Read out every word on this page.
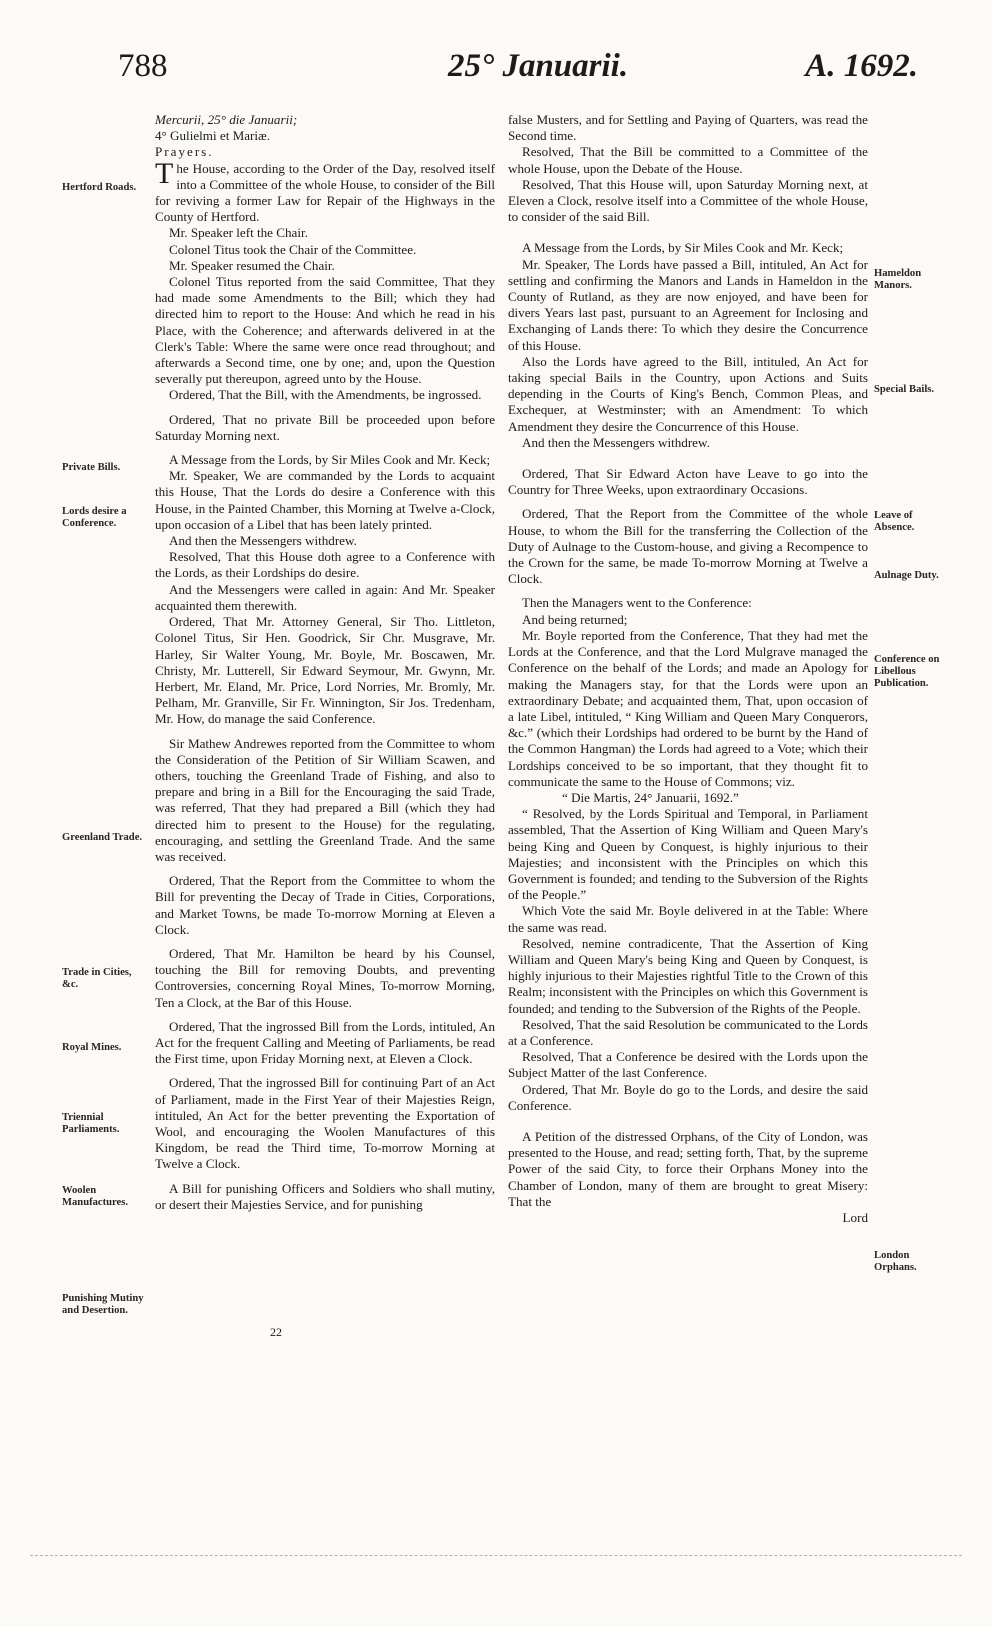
788	25° Januarii.	A. 1692.
Hertford Roads.
Private Bills.
Lords desire a Conference.
Greenland Trade.
Trade in Cities, &c.
Royal Mines.
Triennial Parliaments.
Woolen Manufactures.
Punishing Mutiny and Desertion.
Hameldon Manors.
Special Bails.
Leave of Absence.
Aulnage Duty.
Conference on Libellous Publication.
London Orphans.

Mercurii, 25° die Januarii;

4° Gulielmi et Mariæ.

Prayers.

The House, according to the Order of the Day, resolved itself into a Committee of the whole House, to consider of the Bill for reviving a former Law for Repair of the Highways in the County of Hertford.

Mr. Speaker left the Chair.

Colonel Titus took the Chair of the Committee.

Mr. Speaker resumed the Chair.

Colonel Titus reported from the said Committee, That they had made some Amendments to the Bill; which they had directed him to report to the House: And which he read in his Place, with the Coherence; and afterwards delivered in at the Clerk's Table: Where the same were once read throughout; and afterwards a Second time, one by one; and, upon the Question severally put thereupon, agreed unto by the House.

Ordered, That the Bill, with the Amendments, be ingrossed.

Ordered, That no private Bill be proceeded upon before Saturday Morning next.

A Message from the Lords, by Sir Miles Cook and Mr. Keck;

Mr. Speaker, We are commanded by the Lords to acquaint this House, That the Lords do desire a Conference with this House, in the Painted Chamber, this Morning at Twelve a-Clock, upon occasion of a Libel that has been lately printed.

And then the Messengers withdrew.

Resolved, That this House doth agree to a Conference with the Lords, as their Lordships do desire.

And the Messengers were called in again: And Mr. Speaker acquainted them therewith.

Ordered, That Mr. Attorney General, Sir Tho. Littleton, Colonel Titus, Sir Hen. Goodrick, Sir Chr. Musgrave, Mr. Harley, Sir Walter Young, Mr. Boyle, Mr. Boscawen, Mr. Christy, Mr. Lutterell, Sir Edward Seymour, Mr. Gwynn, Mr. Herbert, Mr. Eland, Mr. Price, Lord Norries, Mr. Bromly, Mr. Pelham, Mr. Granville, Sir Fr. Winnington, Sir Jos. Tredenham, Mr. How, do manage the said Conference.

Sir Mathew Andrewes reported from the Committee to whom the Consideration of the Petition of Sir William Scawen, and others, touching the Greenland Trade of Fishing, and also to prepare and bring in a Bill for the Encouraging the said Trade, was referred, That they had prepared a Bill (which they had directed him to present to the House) for the regulating, encouraging, and settling the Greenland Trade. And the same was received.

Ordered, That the Report from the Committee to whom the Bill for preventing the Decay of Trade in Cities, Corporations, and Market Towns, be made To-morrow Morning at Eleven a Clock.

Ordered, That Mr. Hamilton be heard by his Counsel, touching the Bill for removing Doubts, and preventing Controversies, concerning Royal Mines, To-morrow Morning, Ten a Clock, at the Bar of this House.

Ordered, That the ingrossed Bill from the Lords, intituled, An Act for the frequent Calling and Meeting of Parliaments, be read the First time, upon Friday Morning next, at Eleven a Clock.

Ordered, That the ingrossed Bill for continuing Part of an Act of Parliament, made in the First Year of their Majesties Reign, intituled, An Act for the better preventing the Exportation of Wool, and encouraging the Woolen Manufactures of this Kingdom, be read the Third time, To-morrow Morning at Twelve a Clock.

A Bill for punishing Officers and Soldiers who shall mutiny, or desert their Majesties Service, and for punishing

22

false Musters, and for Settling and Paying of Quarters, was read the Second time.

Resolved, That the Bill be committed to a Committee of the whole House, upon the Debate of the House.

Resolved, That this House will, upon Saturday Morning next, at Eleven a Clock, resolve itself into a Committee of the whole House, to consider of the said Bill.

A Message from the Lords, by Sir Miles Cook and Mr. Keck;

Mr. Speaker, The Lords have passed a Bill, intituled, An Act for settling and confirming the Manors and Lands in Hameldon in the County of Rutland, as they are now enjoyed, and have been for divers Years last past, pursuant to an Agreement for Inclosing and Exchanging of Lands there: To which they desire the Concurrence of this House.

Also the Lords have agreed to the Bill, intituled, An Act for taking special Bails in the Country, upon Actions and Suits depending in the Courts of King's Bench, Common Pleas, and Exchequer, at Westminster; with an Amendment: To which Amendment they desire the Concurrence of this House.

And then the Messengers withdrew.

Ordered, That Sir Edward Acton have Leave to go into the Country for Three Weeks, upon extraordinary Occasions.

Ordered, That the Report from the Committee of the whole House, to whom the Bill for the transferring the Collection of the Duty of Aulnage to the Custom-house, and giving a Recompence to the Crown for the same, be made To-morrow Morning at Twelve a Clock.

Then the Managers went to the Conference:

And being returned;

Mr. Boyle reported from the Conference, That they had met the Lords at the Conference, and that the Lord Mulgrave managed the Conference on the behalf of the Lords; and made an Apology for making the Managers stay, for that the Lords were upon an extraordinary Debate; and acquainted them, That, upon occasion of a late Libel, intituled, “ King William and Queen Mary Conquerors, &c.” (which their Lordships had ordered to be burnt by the Hand of the Common Hangman) the Lords had agreed to a Vote; which their Lordships conceived to be so important, that they thought fit to communicate the same to the House of Commons; viz.

“ Die Martis, 24° Januarii, 1692.”

“ Resolved, by the Lords Spiritual and Temporal, in Parliament assembled, That the Assertion of King William and Queen Mary's being King and Queen by Conquest, is highly injurious to their Majesties; and inconsistent with the Principles on which this Government is founded; and tending to the Subversion of the Rights of the People.”

Which Vote the said Mr. Boyle delivered in at the Table: Where the same was read.

Resolved, nemine contradicente, That the Assertion of King William and Queen Mary's being King and Queen by Conquest, is highly injurious to their Majesties rightful Title to the Crown of this Realm; inconsistent with the Principles on which this Government is founded; and tending to the Subversion of the Rights of the People.

Resolved, That the said Resolution be communicated to the Lords at a Conference.

Resolved, That a Conference be desired with the Lords upon the Subject Matter of the last Conference.

Ordered, That Mr. Boyle do go to the Lords, and desire the said Conference.

A Petition of the distressed Orphans, of the City of London, was presented to the House, and read; setting forth, That, by the supreme Power of the said City, to force their Orphans Money into the Chamber of London, many of them are brought to great Misery: That the

Lord
